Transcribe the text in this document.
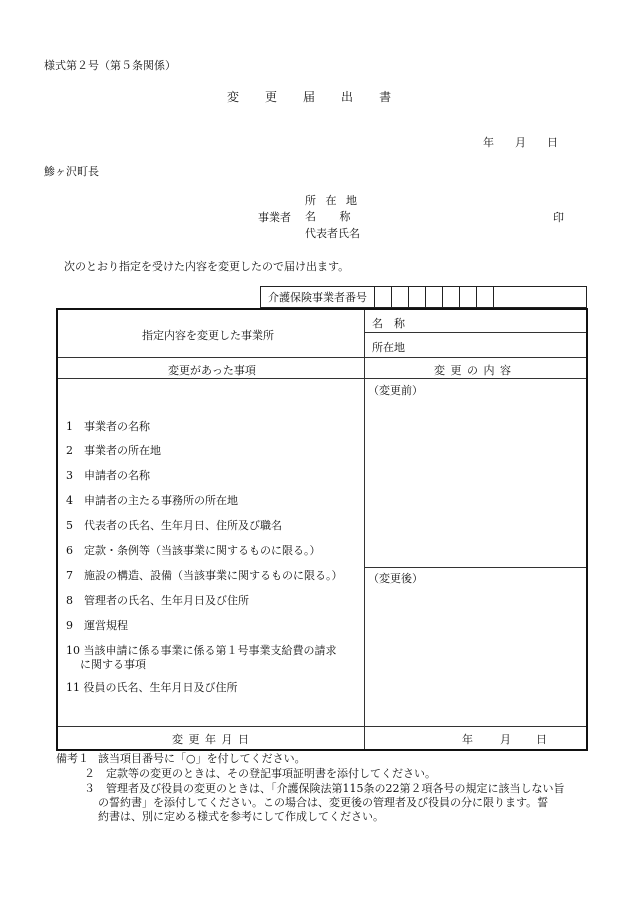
様式第２号（第５条関係）
変 更 届 出 書
年 月 日
鯵ヶ沢町長
事業者
所 在 地
名　 称
代表者氏名
印
次のとおり指定を受けた内容を変更したので届け出ます。
介護保険事業者番号
指定内容を変更した事業所
名　称
所在地
変更があった事項	変 更 の 内 容
（変更前）
（変更後）
1　事業者の名称
2　事業者の所在地
3　申請者の名称
4　申請者の主たる事務所の所在地
5　代表者の氏名、生年月日、住所及び職名
6　定款・条例等（当該事業に関するものに限る。）
7　施設の構造、設備（当該事業に関するものに限る。）
8　管理者の氏名、生年月日及び住所
9　運営規程
10 当該申請に係る事業に係る第１号事業支給費の請求
に関する事項
11 役員の氏名、生年月日及び住所
変 更 年 月 日	年 月 日
備考１ 該当項目番号に「○」を付してください。
２　定款等の変更のときは、その登記事項証明書を添付してください。
３　管理者及び役員の変更のときは、「介護保険法第115条の22第２項各号の規定に該当しない旨
の誓約書」を添付してください。この場合は、変更後の管理者及び役員の分に限ります。誓
約書は、別に定める様式を参考にして作成してください。
